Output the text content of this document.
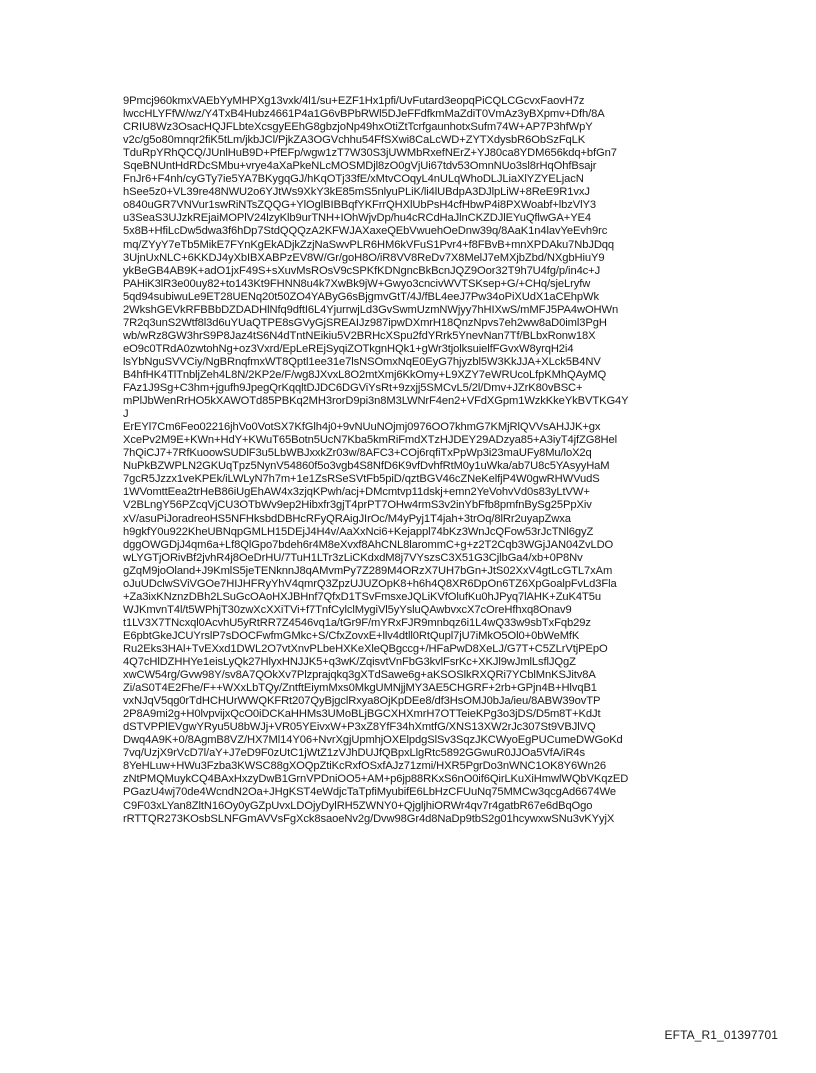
9Pmcj960kmxVAEbYyMHPXg13vxk/4l1/su+EZF1Hx1pfi/UvFutard3eopqPiCQLCGcvxFaovH7z
lwccHLYFfW/wz/Y4TxB4Hubz4661P4a1G6vBPbRWl5DJeFFdfkmMaZdiT0VmAz3yBXpmv+Dfh/8A
CRIU8Wz3OsacHQJFLbteXcsgyEEhG8gbzjoNp49hxOtiZtTcrfgaunhotxSufm74W+AP7P3hfWpY
v2c/g5o80mnqr2fiK5tLm/jkbJCl/PjkZA3OGVchhu54FfSXwi8CaLcWD+ZYTXdysbR6ObSzFqLK
TduRpYRhQCQ/JUnlHuB9D+PfEFp/wgw1zT7W30S3jUWMbRxefNErZ+YJ80ca8YDM656kdq+bfGn7
SqeBNUntHdRDcSMbu+vrye4aXaPkeNLcMOSMDjl8zO0gVjUi67tdv53OmnNUo3sl8rHqOhfBsajr
FnJr6+F4nh/cyGTy7ie5YA7BKygqGJ/hKqOTj33fE/xMtvCOqyL4nULqWhoDLJLiaXlYZYELjacN
hSee5z0+VL39re48NWU2o6YJtWs9XkY3kE85mS5nlyuPLiK/li4lUBdpA3DJlpLiW+8ReE9R1vxJ
o840uGR7VNVur1swRiNTsZQQG+YlOglBIBBqfYKFrrQHXlUbPsH4cfHbwP4i8PXWoabf+lbzVlY3
u3SeaS3UJzkREjaiMOPlV24lzyKlb9urTNH+IOhWjvDp/hu4cRCdHaJlnCKZDJlEYuQflwGA+YE4
5x8B+HfiLcDw5dwa3f6hDp7StdQQQzA2KFWJAXaxeQEbVwuehOeDnw39q/8AaK1n4lavYeEvh9rc
mq/ZYyY7eTb5MikE7FYnKgEkADjkZzjNaSwvPLR6HM6kVFuS1Pvr4+f8FBvB+mnXPDAku7NbJDqq
3UjnUxNLC+6KKDJ4yXbIBXABPzEV8W/Gr/goH8O/iR8VV8ReDv7X8MelJ7eMXjbZbd/NXgbHiuY9
ykBeGB4AB9K+adO1jxF49S+sXuvMsROsV9cSPKfKDNgncBkBcnJQZ9Oor32T9h7U4fg/p/in4c+J
PAHiK3lR3e00uy82+to143Kt9FHNN8u4k7XwBk9jW+Gwyo3cncivWVTSKsep+G/+CHq/sjeLryfw
5qd94subiwuLe9ET28UENq20t50ZO4YAByG6sBjgmvGtT/4J/fBL4eeJ7Pw34oPiXUdX1aCEhpWk
2WkshGEVkRFBBbDZDADHlNfq9dftI6L4YjurrwjLd3GvSwmUzmNWjyy7hHIXwS/mMFJ5PA4wOHWn
7R2q3unS2Wtf8l3d6uYUaQTPE8sGVyGjSREAIJz987ipwDXmrH18QnzNpvs7eh2ww8aD0iml3PgH
wb/wRz8GW3hrS9P8Jaz4tS6N4dTntNEikiu5V2BRHcXSpu2fdYRrk5YnevNan7Tf/BLbxRonw18X
eO9c0TRdA0zwtohNg+oz3Vxrd/EpLeREjSyqiZOTkgnHQk1+gWr3tjolksuielfFGvxW8yrqH2i4
lsYbNguSVVCiy/NgBRnqfmxWT8Qptl1ee31e7lsNSOmxNqE0EyG7hjyzbl5W3KkJJA+XLck5B4NV
B4hfHK4TlTnbljZeh4L8N/2KP2e/F/wg8JXvxL8O2mtXmj6KkOmy+L9XZY7eWRUcoLfpKMhQAyMQ
FAz1J9Sg+C3hm+jgufh9JpegQrKqqltDJDC6DGViYsRt+9zxjj5SMCvL5/2l/Dmv+JZrK80vBSC+
mPlJbWenRrHO5kXAWOTd85PBKq2MH3rorD9pi3n8M3LWNrF4en2+VFdXGpm1WzkKkeYkBVTKG4Y
J
ErEYl7Cm6Feo02216jhVo0VotSX7KfGlh4j0+9vNUuNOjmj0976OO7khmG7KMjRlQVVsAHJJK+gx
XcePv2M9E+KWn+HdY+KWuT65Botn5UcN7Kba5kmRiFmdXTzHJDEY29ADzya85+A3iyT4jfZG8Hel
7hQiCJ7+7RfKuoowSUDlF3u5LbWBJxxkZr03w/8AFC3+COj6rqfiTxPpWp3i23maUFy8Mu/loX2q
NuPkBZWPLN2GKUqTpz5NynV54860f5o3vgb4S8NfD6K9vfDvhfRtM0y1uWka/ab7U8c5YAsyyHaM
7gcR5Jzzx1veKPEk/iLWLyN7h7m+1e1ZsRSeSVtFb5piD/qztBGV46cZNeKelfjP4W0gwRHWVudS
1WVomttEea2trHeB86iUgEhAW4x3zjqKPwh/acj+DMcmtvp11dskj+emn2YeVohvVd0s83yLtVW+
V2BLngY56PZcqVjCU3OTbWv9ep2Hibxfr3gjT4prPT7OHw4rmS3v2inYbFfb8pmfnBySg25PpXiv
xV/asuPiJoradreoHS5NFHksbdDBHcRFyQRAigJIrOc/M4yPyj1T4jah+3trOq/8lRr2uyapZwxa
h9gkfY0u922KheUBNqpGMLH15DEjJ4H4v/AaXxNci6+Kejappl74bKz3WnJcQFow53rJcTNl6gyZ
dggOWGDjJ4qm6a+Lf8QlGpo7bdeh6r4M8eXvxf8AhCNL8larommC+g+z2T2Cqb3WGjJAN04ZvLDO
wLYGTjORivBf2jvhR4j8OeDrHU/7TuH1LTr3zLiCKdxdM8j7VYszsC3X51G3CjlbGa4/xb+0P8Nv
gZqM9joOland+J9KmlS5jeTENknnJ8qAMvmPy7Z289M4ORzX7UH7bGn+JtS02XxV4gtLcGTL7xAm
oJuUDclwSViVGOe7HIJHFRyYhV4qmrQ3ZpzUJUZOpK8+h6h4Q8XR6DpOn6TZ6XpGoalpFvLd3Fla
+Za3ixKNznzDBh2LSuGcOAoHXJBHnf7QfxD1TSvFmsxeJQLiKVfOlufKu0hJPyq7lAHK+ZuK4T5u
WJKmvnT4l/t5WPhjT30zwXcXXiTVi+f7TnfCylclMygiVl5yYsluQAwbvxcX7cOreHfhxq8Onav9
t1LV3X7TNcxql0AcvhU5yRtRR7Z4546vq1a/tGr9F/mYRxFJR9mnbqz6i1L4wQ33w9sbTxFqb29z
E6pbtGkeJCUYrslP7sDOCFwfmGMkc+S/CfxZovxE+llv4dtll0RtQupl7jU7iMkO5Ol0+0bWeMfK
Ru2Eks3HAl+TvEXxd1DWL2O7vtXnvPLbeHXKeXleQBgccg+/HFaPwD8XeLJ/G7T+C5ZLrVtjPEpO
4Q7cHlDZHHYe1eisLyQk27HlyxHNJJK5+q3wK/ZqisvtVnFbG3kvlFsrKc+XKJl9wJmlLsflJQgZ
xwCW54rg/Gvw98Y/sv8A7QOkXv7Plzprajqkq3gXTdSawe6g+aKSOSlkRXQRi7YCblMnKSJitv8A
Zi/aS0T4E2Fhe/F++WXxLbTQy/ZntftEiymMxs0MkgUMNjjMY3AE5CHGRF+2rb+GPjn4B+HlvqB1
vxNJqV5qg0rTdHCHUrWWQKFRt207QyBjgclRxya8OjKpDEe8/df3HsOMJ0bJa/ieu/8ABW39ovTP
2P8A9mi2g+H0lvpvijxQcO0iDCKaHHMs3UMoBLjBGCXHXmrH7OTTeieKPg3o3jDS/D5m8T+KdJt
dSTVPPlEVgwYRyu5U8bWJj+VR05YEivxW+P3xZ8YfF34hXmtfG/XNS13XW2rJc307St9VBJlVQ
Dwq4A9K+0/8AgmB8VZ/HX7Ml14Y06+NvrXgjUpmhjOXElpdgSlSv3SqzJKCWyoEgPUCumeDWGoKd
7vq/UzjX9rVcD7l/aY+J7eD9F0zUtC1jWtZ1zVJhDUJfQBpxLlgRtc5892GGwuR0JJOa5VfA/iR4s
8YeHLuw+HWu3Fzba3KWSC88gXOQpZtiKcRxfOSxfAJz71zmi/HXR5PgrDo3nWNC1OK8Y6Wn26
zNtPMQMuykCQ4BAxHxzyDwB1GrnVPDniOO5+AM+p6jp88RKxS6nO0if6QirLKuXiHmwlWQbVKqzED
PGazU4wj70de4WcndN2Oa+JHgKST4eWdjcTaTpfiMyubifE6LbHzCFUuNq75MMCw3qcgAd6674We
C9F03xLYan8ZltN16Oy0yGZpUvxLDOjyDylRH5ZWNY0+QjgljhiORWr4qv7r4gatbR67e6dBqOgo
rRTTQR273KOsbSLNFGmAVVsFgXck8saoeNv2g/Dvw98Gr4d8NaDp9tbS2g01hcywxwSNu3vKYyjX
EFTA_R1_01397701
